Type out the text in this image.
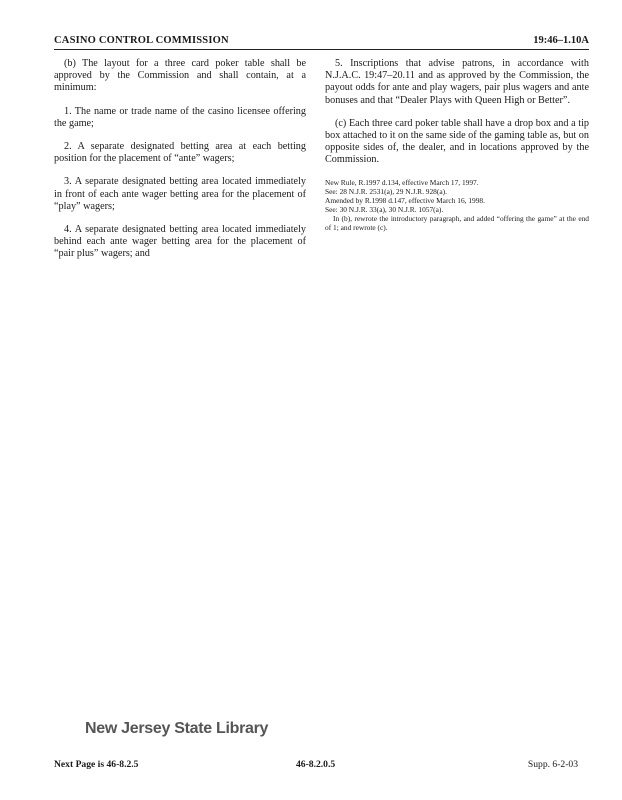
CASINO CONTROL COMMISSION	19:46–1.10A

(b) The layout for a three card poker table shall be approved by the Commission and shall contain, at a minimum:

1. The name or trade name of the casino licensee offering the game;

2. A separate designated betting area at each betting position for the placement of “ante” wagers;

3. A separate designated betting area located immediately in front of each ante wager betting area for the placement of “play” wagers;

4. A separate designated betting area located immediately behind each ante wager betting area for the placement of “pair plus” wagers; and

5. Inscriptions that advise patrons, in accordance with N.J.A.C. 19:47–20.11 and as approved by the Commission, the payout odds for ante and play wagers, pair plus wagers and ante bonuses and that “Dealer Plays with Queen High or Better”.

(c) Each three card poker table shall have a drop box and a tip box attached to it on the same side of the gaming table as, but on opposite sides of, the dealer, and in locations approved by the Commission.

New Rule, R.1997 d.134, effective March 17, 1997.
See: 28 N.J.R. 2531(a), 29 N.J.R. 928(a).
Amended by R.1998 d.147, effective March 16, 1998.
See: 30 N.J.R. 33(a), 30 N.J.R. 1057(a).
In (b), rewrote the introductory paragraph, and added “offering the game” at the end of 1; and rewrote (c).
New Jersey State Library
Next Page is 46-8.2.5	46-8.2.0.5	Supp. 6-2-03
